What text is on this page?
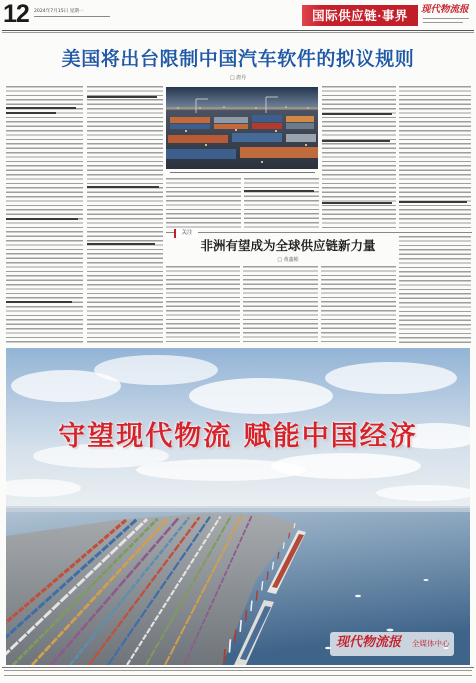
12 2024年7月15日 星期一	国际供应链·事界	现代物流报
美国将出台限制中国汽车软件的拟议规则
□ 唐丹
关注
非洲有望成为全球供应链新力量
□ 黄鑫彬
守望现代物流 赋能中国经济
现代物流报 全媒体中心
